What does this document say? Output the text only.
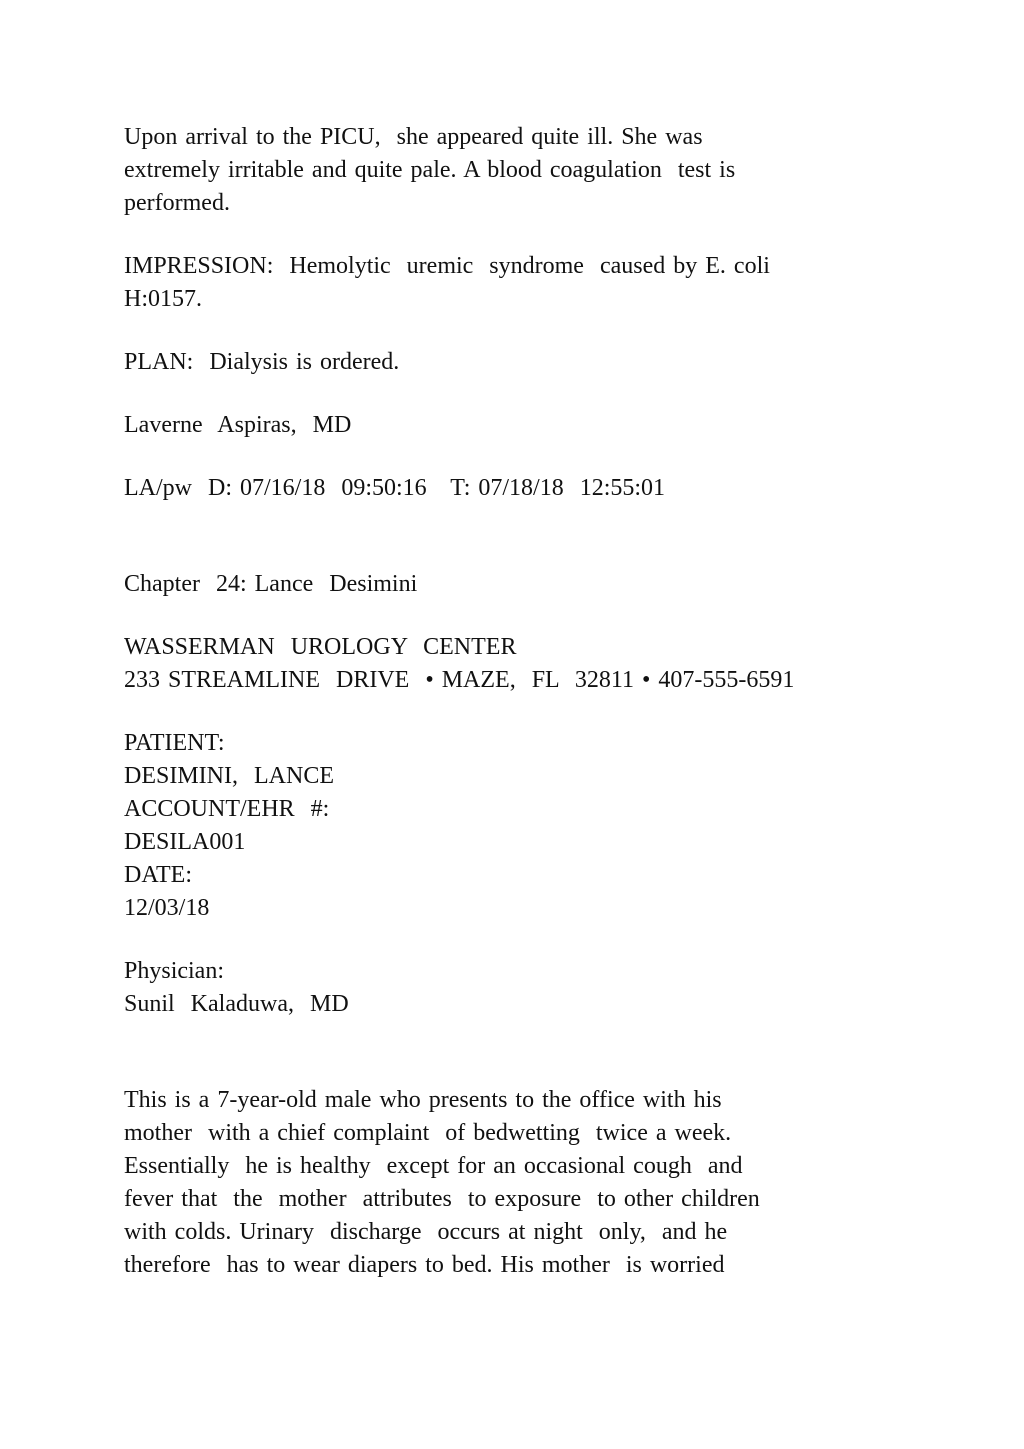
Upon arrival to the PICU,  she appeared quite ill. She was
extremely irritable and quite pale. A blood coagulation  test is
performed.
IMPRESSION:  Hemolytic  uremic  syndrome  caused by E. coli
H:0157.
PLAN:  Dialysis is ordered.
Laverne  Aspiras,  MD
LA/pw  D: 07/16/18  09:50:16   T: 07/18/18  12:55:01
Chapter  24: Lance  Desimini
WASSERMAN  UROLOGY  CENTER
233 STREAMLINE  DRIVE  • MAZE,  FL  32811 • 407-555-6591
PATIENT:
DESIMINI,  LANCE
ACCOUNT/EHR  #:
DESILA001
DATE:
12/03/18
Physician:
Sunil  Kaladuwa,  MD
This is a 7-year-old male who presents to the office with his
mother  with a chief complaint  of bedwetting  twice a week.
Essentially  he is healthy  except for an occasional cough  and
fever that  the  mother  attributes  to exposure  to other children
with colds. Urinary  discharge  occurs at night  only,  and he
therefore  has to wear diapers to bed. His mother  is worried
